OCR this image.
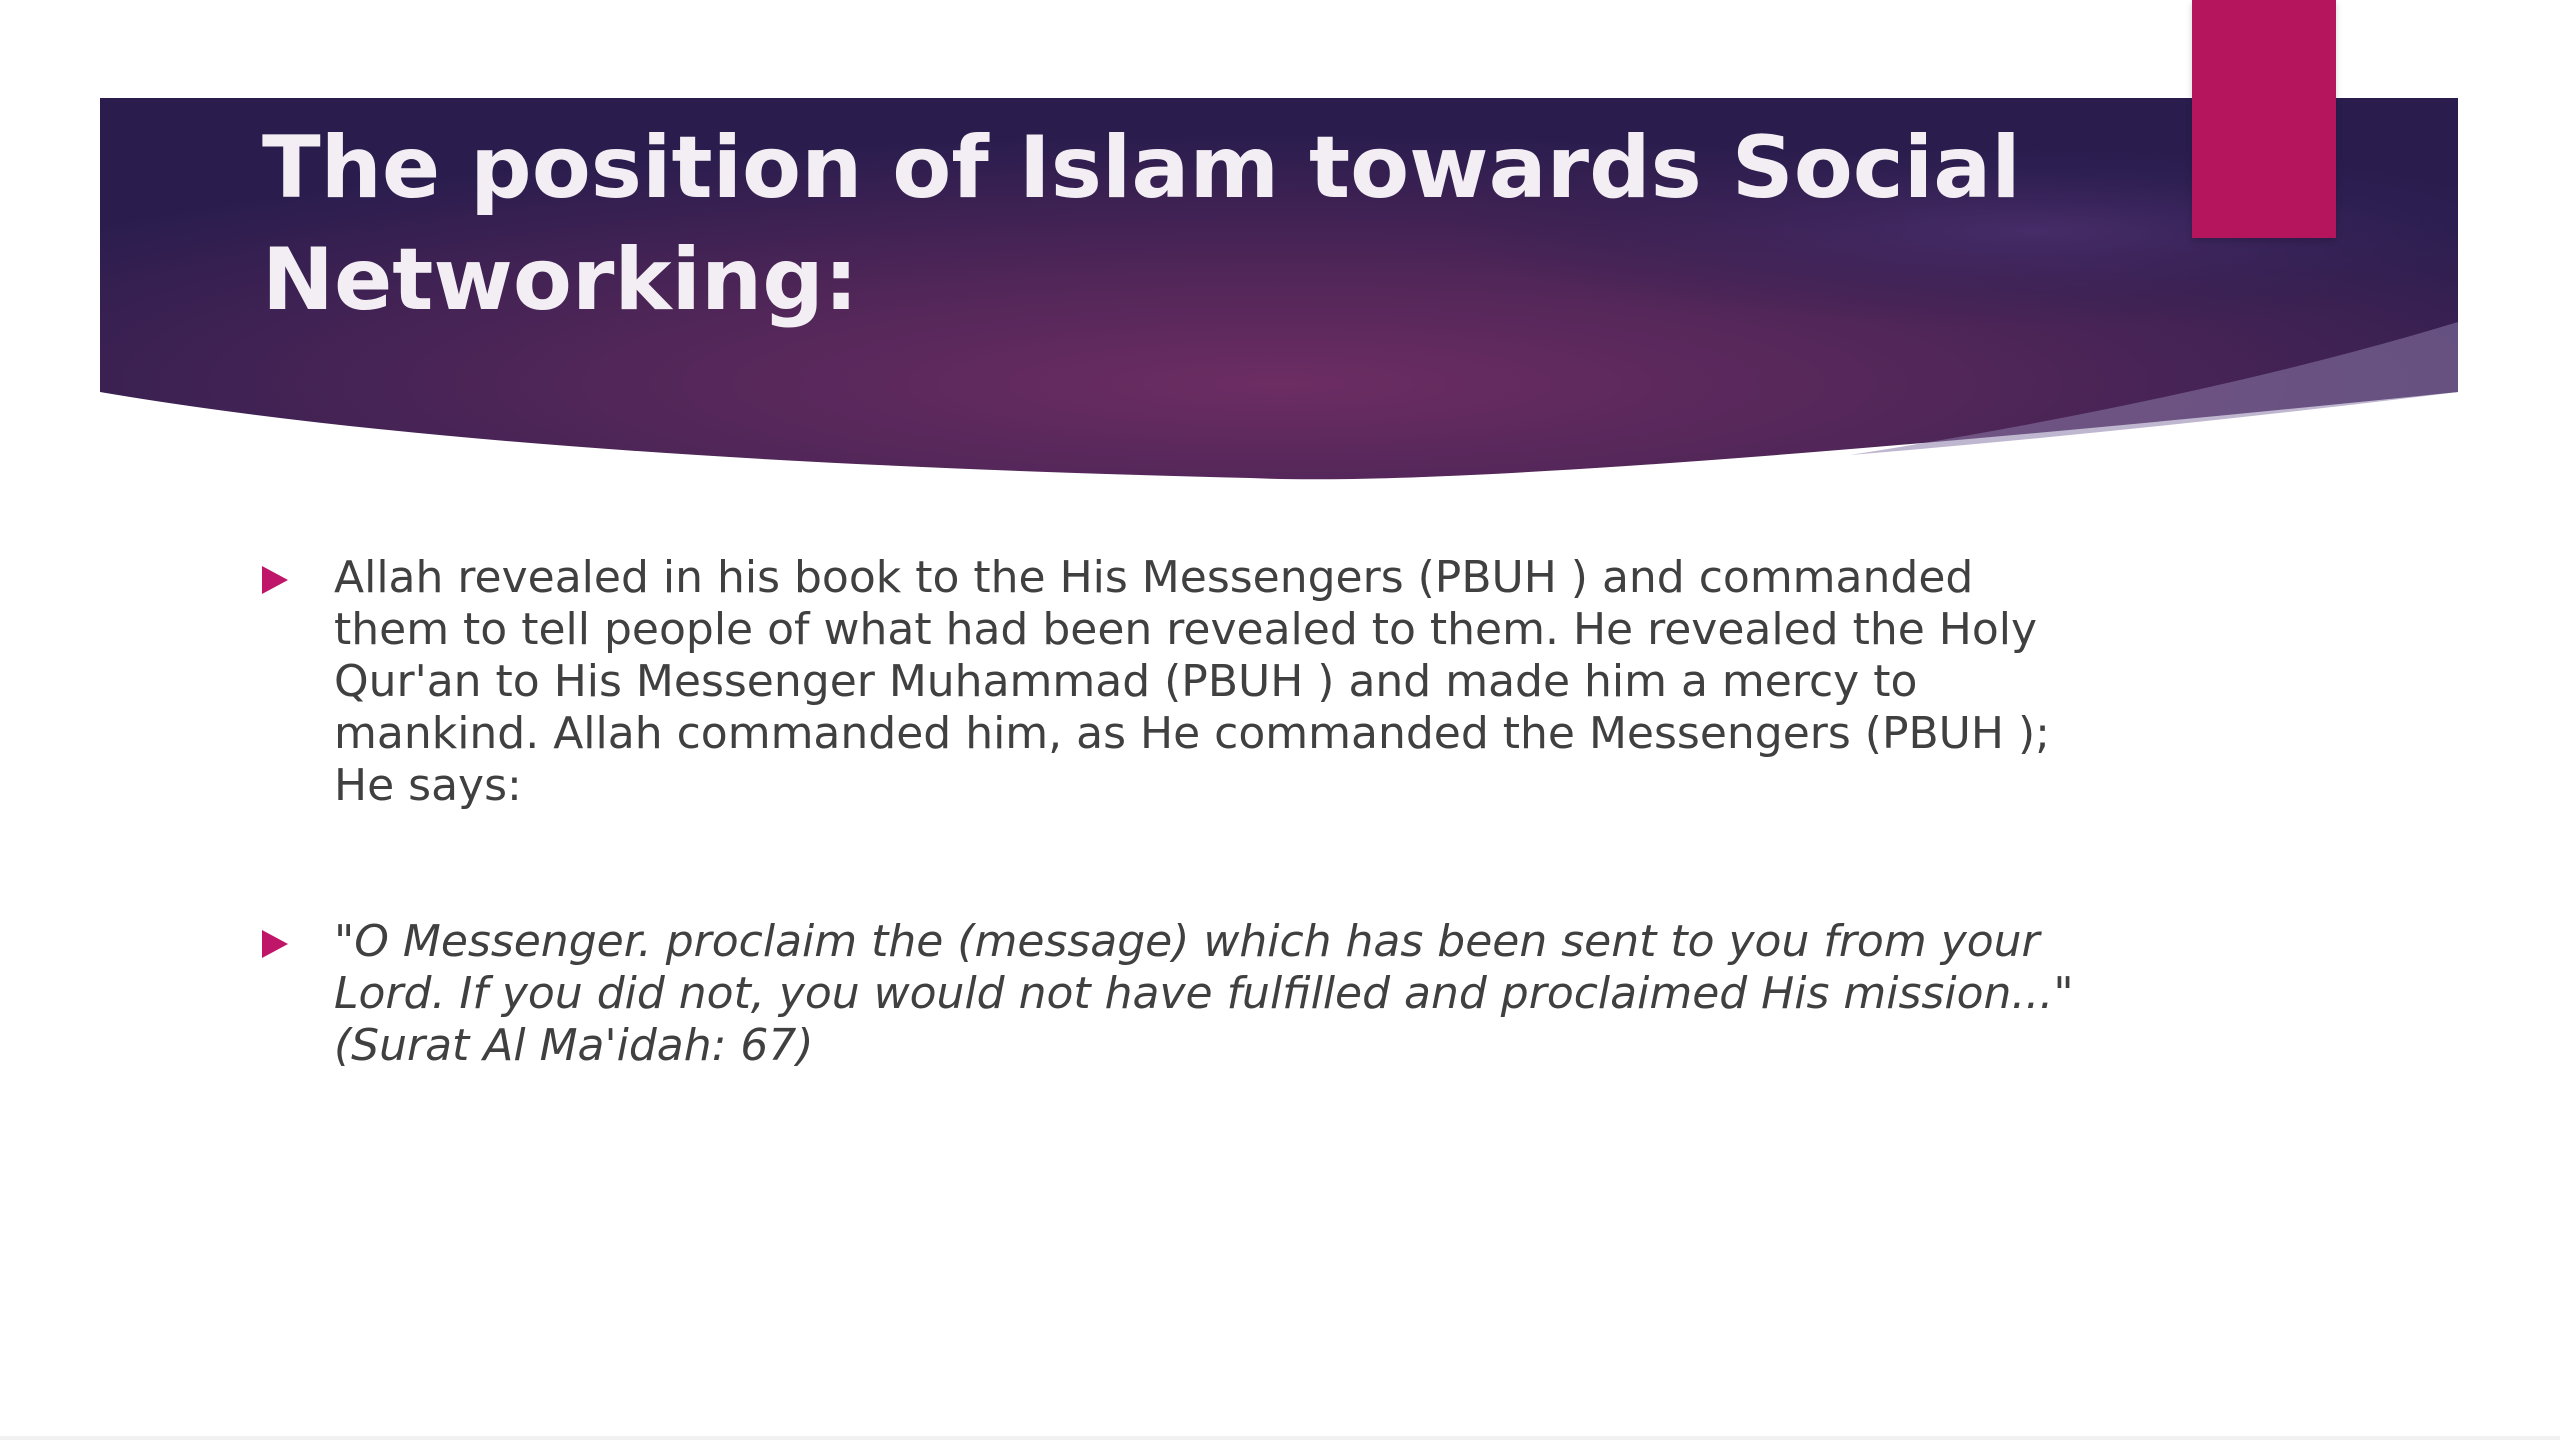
The position of Islam towards Social Networking:
Allah revealed in his book to the His Messengers (PBUH ) and commanded them to tell people of what had been revealed to them. He revealed the Holy Qur'an to His Messenger Muhammad (PBUH ) and made him a mercy to mankind. Allah commanded him, as He commanded the Messengers (PBUH ); He says:
"O Messenger. proclaim the (message) which has been sent to you from your Lord. If you did not, you would not have fulfilled and proclaimed His mission..." (Surat Al Ma'idah: 67)
